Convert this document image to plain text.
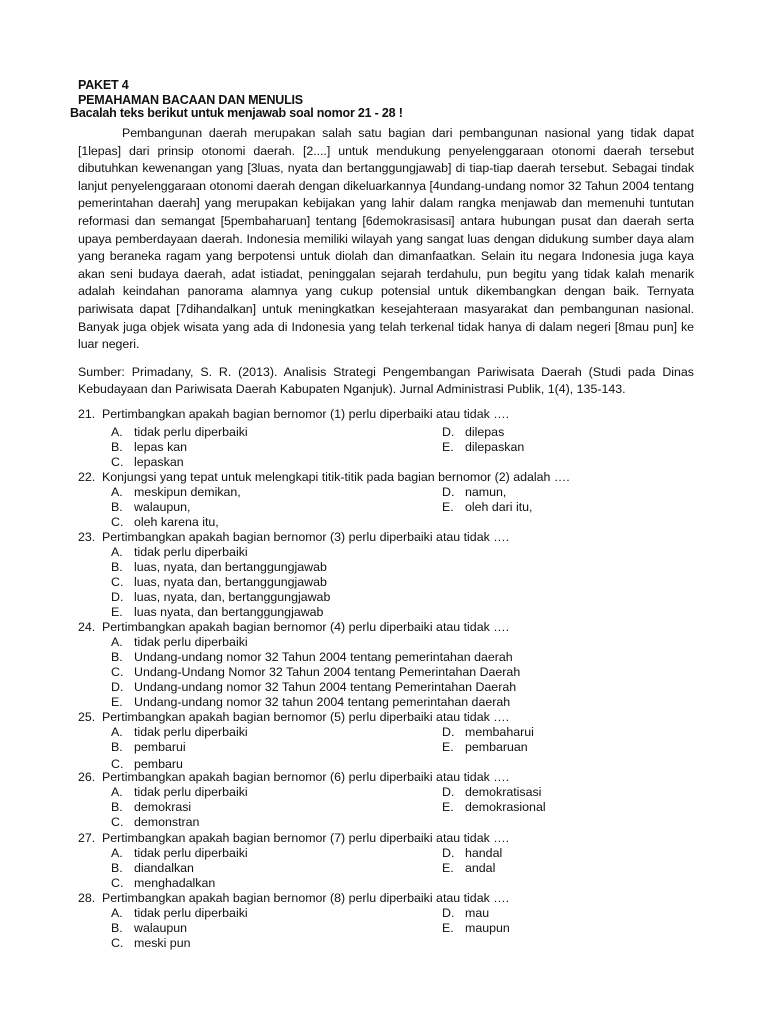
PAKET 4
PEMAHAMAN BACAAN DAN MENULIS
Bacalah teks berikut untuk menjawab soal nomor 21 - 28 !
Pembangunan daerah merupakan salah satu bagian dari pembangunan nasional yang tidak dapat [1lepas] dari prinsip otonomi daerah. [2....] untuk mendukung penyelenggaraan otonomi daerah tersebut dibutuhkan kewenangan yang [3luas, nyata dan bertanggungjawab] di tiap-tiap daerah tersebut. Sebagai tindak lanjut penyelenggaraan otonomi daerah dengan dikeluarkannya [4undang-undang nomor 32 Tahun 2004 tentang pemerintahan daerah] yang merupakan kebijakan yang lahir dalam rangka menjawab dan memenuhi tuntutan reformasi dan semangat [5pembaharuan] tentang [6demokrasisasi] antara hubungan pusat dan daerah serta upaya pemberdayaan daerah. Indonesia memiliki wilayah yang sangat luas dengan didukung sumber daya alam yang beraneka ragam yang berpotensi untuk diolah dan dimanfaatkan. Selain itu negara Indonesia juga kaya akan seni budaya daerah, adat istiadat, peninggalan sejarah terdahulu, pun begitu yang tidak kalah menarik adalah keindahan panorama alamnya yang cukup potensial untuk dikembangkan dengan baik. Ternyata pariwisata dapat [7dihandalkan] untuk meningkatkan kesejahteraan masyarakat dan pembangunan nasional. Banyak juga objek wisata yang ada di Indonesia yang telah terkenal tidak hanya di dalam negeri [8mau pun] ke luar negeri.
Sumber: Primadany, S. R. (2013). Analisis Strategi Pengembangan Pariwisata Daerah (Studi pada Dinas Kebudayaan dan Pariwisata Daerah Kabupaten Nganjuk). Jurnal Administrasi Publik, 1(4), 135-143.
21. Pertimbangkan apakah bagian bernomor (1) perlu diperbaiki atau tidak ….
A. tidak perlu diperbaiki	D. dilepas
B. lepas kan	E. dilepaskan
C. lepaskan
22. Konjungsi yang tepat untuk melengkapi titik-titik pada bagian bernomor (2) adalah ….
A. meskipun demikan,	D. namun,
B. walaupun,	E. oleh dari itu,
C. oleh karena itu,
23. Pertimbangkan apakah bagian bernomor (3) perlu diperbaiki atau tidak ….
A. tidak perlu diperbaiki
B. luas, nyata, dan bertanggungjawab
C. luas, nyata dan, bertanggungjawab
D. luas, nyata, dan, bertanggungjawab
E. luas nyata, dan bertanggungjawab
24. Pertimbangkan apakah bagian bernomor (4) perlu diperbaiki atau tidak ….
A. tidak perlu diperbaiki
B. Undang-undang nomor 32 Tahun 2004 tentang pemerintahan daerah
C. Undang-Undang Nomor 32 Tahun 2004 tentang Pemerintahan Daerah
D. Undang-undang nomor 32 Tahun 2004 tentang Pemerintahan Daerah
E. Undang-undang nomor 32 tahun 2004 tentang pemerintahan daerah
25. Pertimbangkan apakah bagian bernomor (5) perlu diperbaiki atau tidak ….
A. tidak perlu diperbaiki	D. membaharui
B. pembarui	E. pembaruan
C. pembaru
26. Pertimbangkan apakah bagian bernomor (6) perlu diperbaiki atau tidak ….
A. tidak perlu diperbaiki	D. demokratisasi
B. demokrasi	E. demokrasional
C. demonstran
27. Pertimbangkan apakah bagian bernomor (7) perlu diperbaiki atau tidak ….
A. tidak perlu diperbaiki	D. handal
B. diandalkan	E. andal
C. menghadalkan
28. Pertimbangkan apakah bagian bernomor (8) perlu diperbaiki atau tidak ….
A. tidak perlu diperbaiki	D. mau
B. walaupun	E. maupun
C. meski pun
